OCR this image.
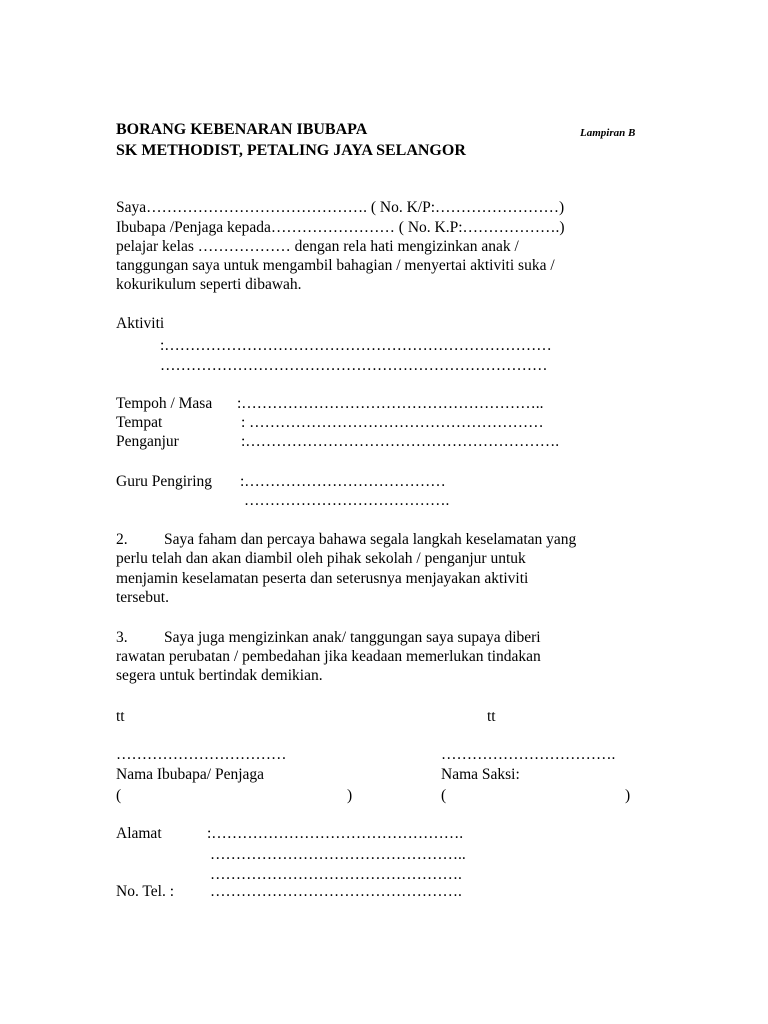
BORANG KEBENARAN IBUBAPA	Lampiran B
SK METHODIST, PETALING JAYA SELANGOR
Saya……………………………………. ( No. K/P:……………………)
Ibubapa /Penjaga kepada…………………… ( No. K.P:……………….)
pelajar kelas ……………… dengan rela hati mengizinkan anak /
tanggungan saya untuk mengambil bahagian / menyertai aktiviti suka /
kokurikulum seperti dibawah.
Aktiviti
:…………………………………………………………………
…………………………………………………………………
Tempoh / Masa :…………………………………………………..
Tempat	: …………………………………………………
Penganjur	:…………………………………………………….
Guru Pengiring :…………………………………
………………………………….
2. Saya faham dan percaya bahawa segala langkah keselamatan yang
perlu telah dan akan diambil oleh pihak sekolah / penganjur untuk
menjamin keselamatan peserta dan seterusnya menjayakan aktiviti
tersebut.
3. Saya juga mengizinkan anak/ tanggungan saya supaya diberi
rawatan perubatan / pembedahan jika keadaan memerlukan tindakan
segera untuk bertindak demikian.
tt	tt
……………………………	…………………………….
Nama Ibubapa/ Penjaga	Nama Saksi:
(	)	(	)
Alamat	:………………………………………….
…………………………………………..
………………………………………….
No. Tel. : ………………………………………….
